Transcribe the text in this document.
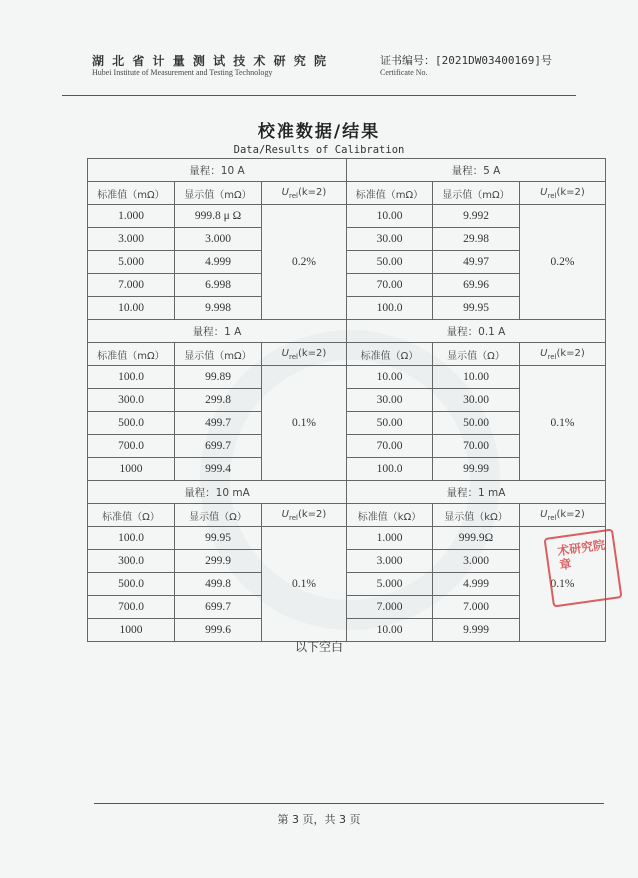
湖 北 省 计 量 测 试 技 术 研 究 院
Hubei Institute of Measurement and Testing Technology
证书编号：[2021DW03400169]号
Certificate No.
校准数据/结果
Data/Results of Calibration
量程：10 A			量程：5 A		
标准值（mΩ）	显示值（mΩ）	$U_{rel}(k=2)$	标准值（mΩ）	显示值（mΩ）	$U_{rel}(k=2)$
1.000	999.8 μ Ω	0.2%	10.00	9.992	0.2%
3.000	3.000		30.00	29.98	
5.000	4.999		50.00	49.97	
7.000	6.998		70.00	69.96	
10.00	9.998		100.0	99.95	
量程：1 A			量程：0.1 A		
标准值（mΩ）	显示值（mΩ）	$U_{rel}(k=2)$	标准值（Ω）	显示值（Ω）	$U_{rel}(k=2)$
100.0	99.89	0.1%	10.00	10.00	0.1%
300.0	299.8		30.00	30.00	
500.0	499.7		50.00	50.00	
700.0	699.7		70.00	70.00	
1000	999.4		100.0	99.99	
量程：10 mA			量程：1 mA		
标准值（Ω）	显示值（Ω）	$U_{rel}(k=2)$	标准值（kΩ）	显示值（kΩ）	$U_{rel}(k=2)$
100.0	99.95	0.1%	1.000	999.9Ω	0.1%
300.0	299.9		3.000	3.000	
500.0	499.8		5.000	4.999	
700.0	699.7		7.000	7.000	
1000	999.6		10.00	9.999	
以下空白
第 3 页，共 3 页
术研究院
章
